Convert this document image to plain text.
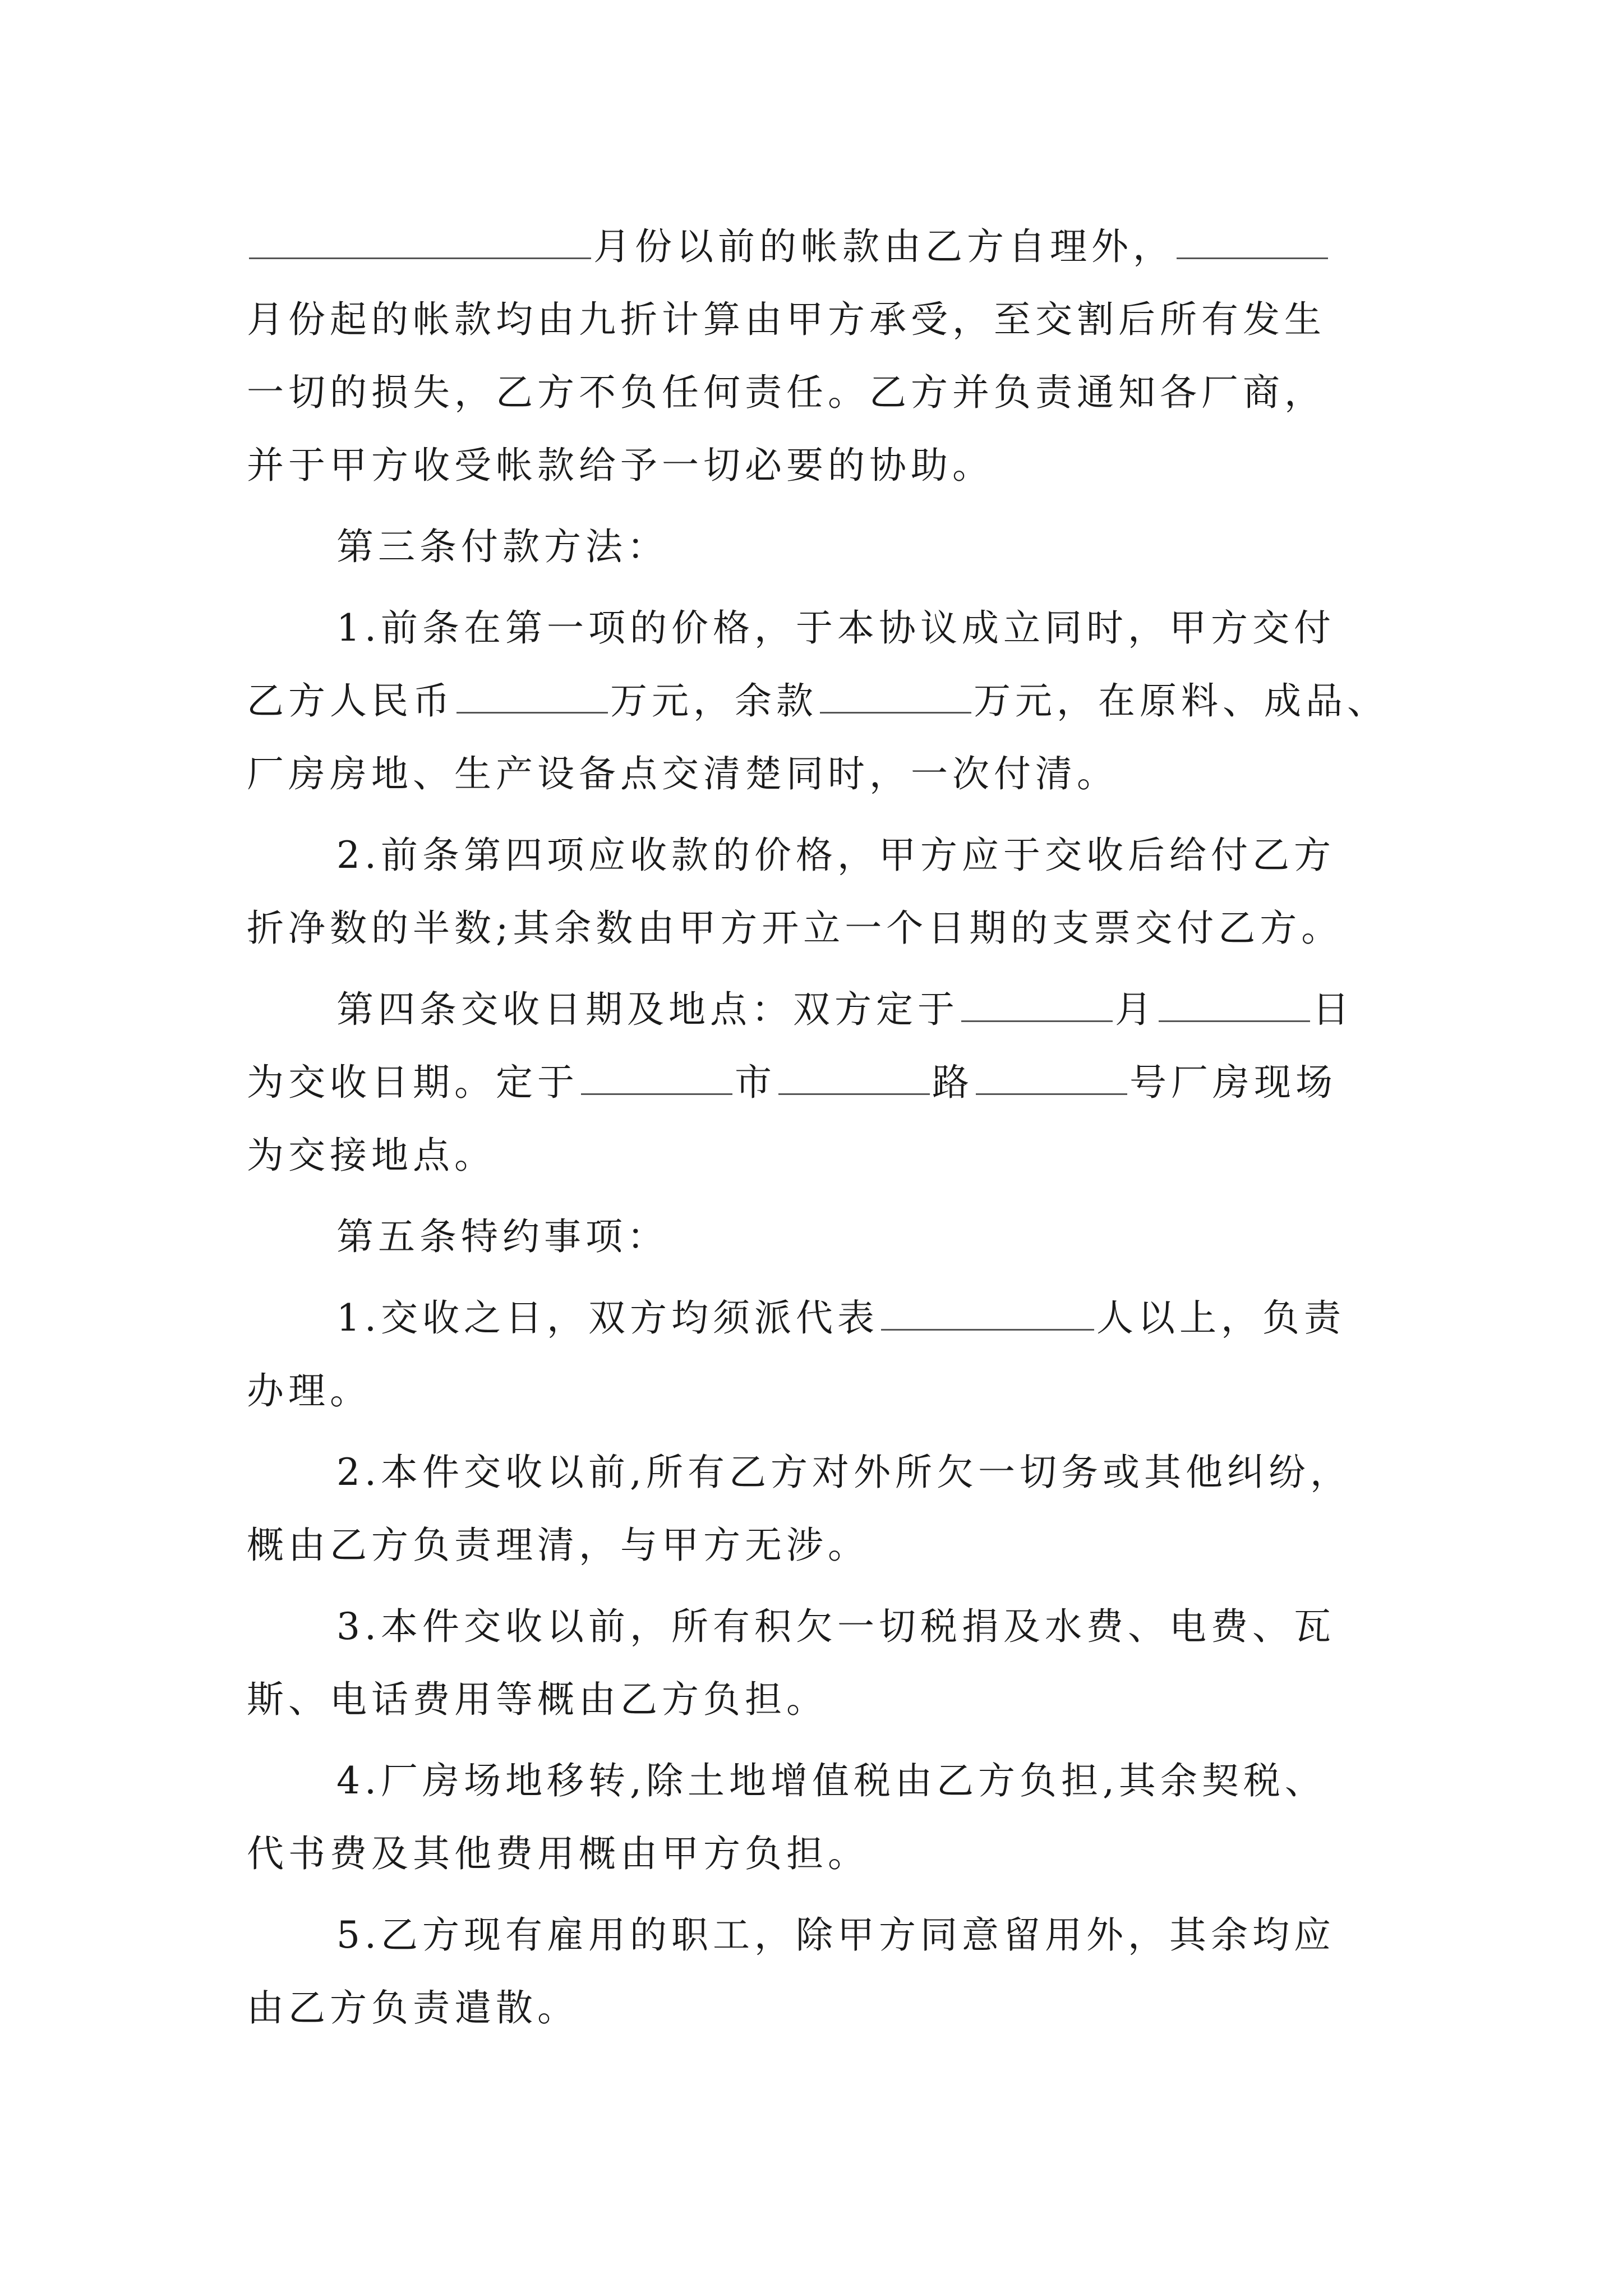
月份以前的帐款由乙方自理外，
月份起的帐款均由九折计算由甲方承受，至交割后所有发生
一切的损失，乙方不负任何责任。乙方并负责通知各厂商，
并于甲方收受帐款给予一切必要的协助。
第三条付款方法：
1.前条在第一项的价格，于本协议成立同时，甲方交付
乙方人民币	万元，余款	万元，在原料、成品、
厂房房地、生产设备点交清楚同时，一次付清。
2.前条第四项应收款的价格，甲方应于交收后给付乙方
折净数的半数;其余数由甲方开立一个日期的支票交付乙方。
第四条交收日期及地点：双方定于	月	日
为交收日期。定于	市	路	号厂房现场
为交接地点。
第五条特约事项：
1.交收之日，双方均须派代表	人以上，负责
办理。
2.本件交收以前,所有乙方对外所欠一切务或其他纠纷，
概由乙方负责理清，与甲方无涉。
3.本件交收以前，所有积欠一切税捐及水费、电费、瓦
斯、电话费用等概由乙方负担。
4.厂房场地移转,除土地增值税由乙方负担,其余契税、
代书费及其他费用概由甲方负担。
5.乙方现有雇用的职工，除甲方同意留用外，其余均应
由乙方负责遣散。
